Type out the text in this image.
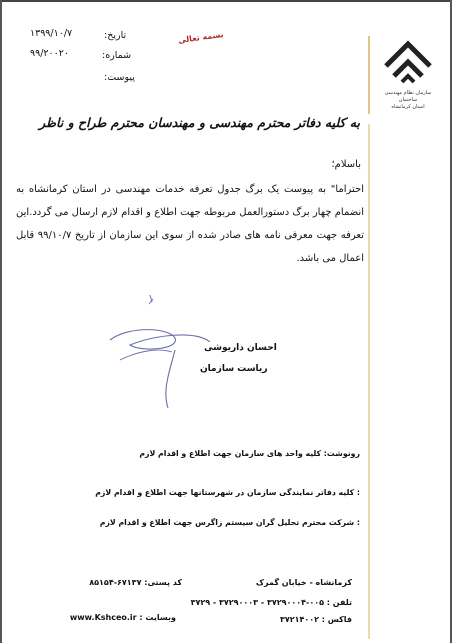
تاریخ:
۱۳۹۹/۱۰/۷
شماره:
۹۹/۲۰۰۲۰
پیوست:
بسمه تعالی
سازمان نظام مهندسی ساختمان
استان کرمانشاه
به کلیه دفاتر محترم مهندسی و مهندسان محترم طراح و ناظر
باسلام؛
احتراما" به پیوست یک برگ جدول تعرفه خدمات مهندسی در استان کرمانشاه به انضمام چهار برگ دستورالعمل مربوطه جهت اطلاع و اقدام لازم ارسال می گردد.این تعرفه جهت معرفی نامه های صادر شده از سوی این سازمان از تاریخ ۹۹/۱۰/۷ قابل اعمال می باشد.
احسان داریوشی
ریاست سازمان
رونوشت: کلیه واحد های سازمان جهت اطلاع و اقدام لازم
: کلیه دفاتر نمایندگی سازمان در شهرستانها جهت اطلاع و اقدام لازم
: شرکت محترم تحلیل گران سیستم زاگرس جهت اطلاع و اقدام لازم
کرمانشاه - خیابان گمرک
کد پستی: ۶۷۱۳۷-۸۵۱۵۴
تلفن : ۰۰۵-۳۷۲۹۰۰۰۴ - ۳۷۲۹۰۰۰۳ - ۳۷۲۹
فاکس : ۳۷۲۱۴۰۰۲
وبسایت : www.Kshceo.ir
